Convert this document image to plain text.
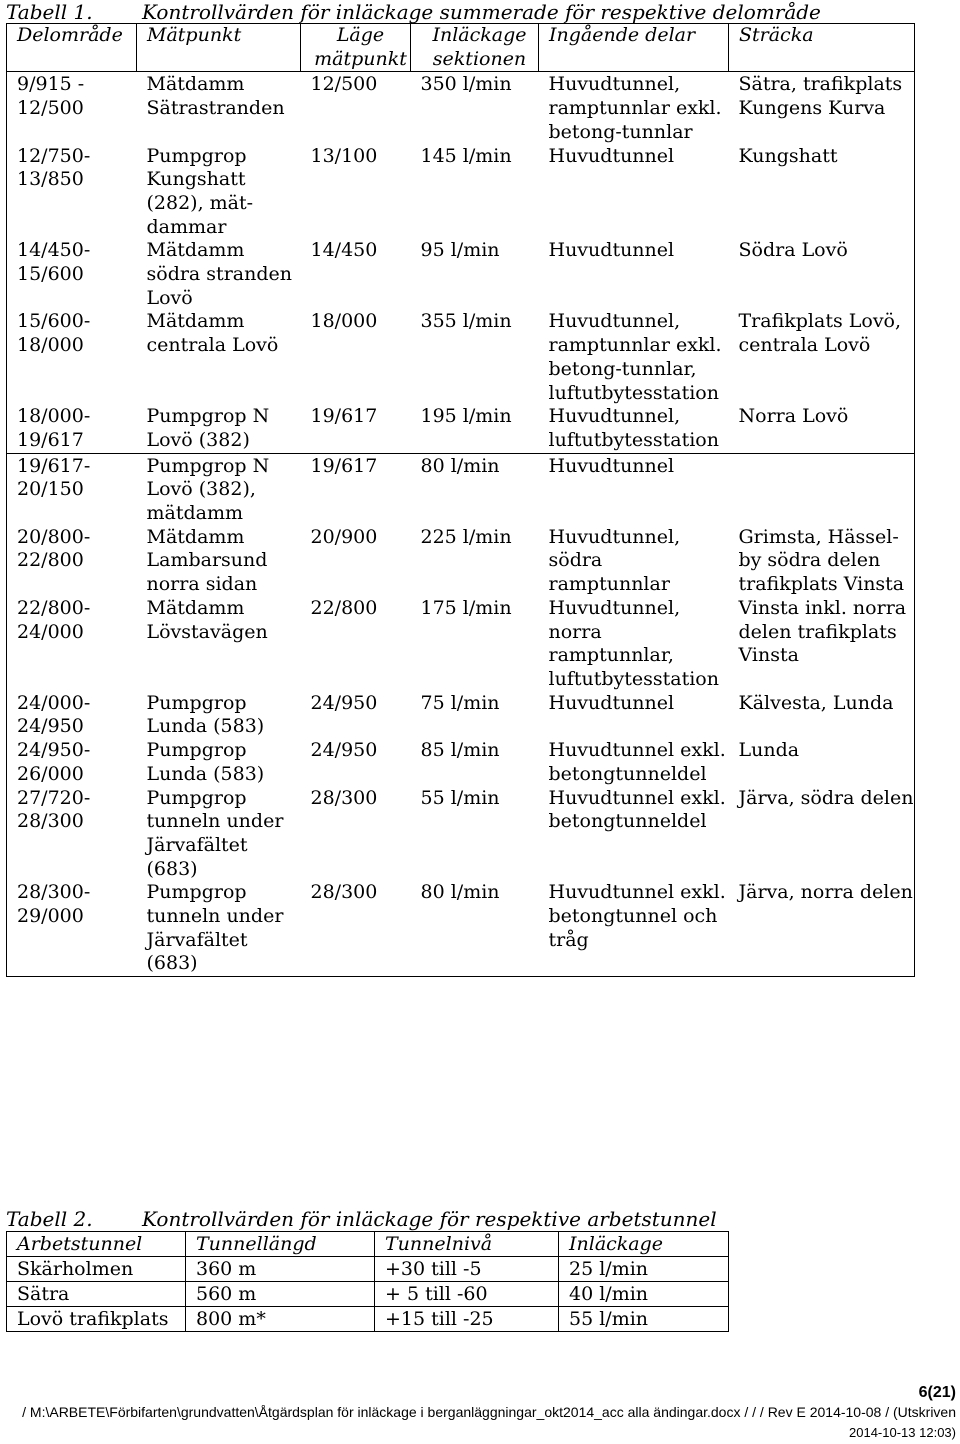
Tabell 1. Kontrollvärden för inläckage summerade för respektive delområde
Delområde	Mätpunkt	Läge mätpunkt	Inläckage sektionen	Ingående delar	Sträcka
9/915 - 12/500	Mätdamm Sätrastranden	12/500	350 l/min	Huvudtunnel, ramptunnlar exkl. betong-tunnlar	Sätra, trafikplats Kungens Kurva
12/750-13/850	Pumpgrop Kungshatt (282), mät-dammar	13/100	145 l/min	Huvudtunnel	Kungshatt
14/450-15/600	Mätdamm södra stranden Lovö	14/450	95 l/min	Huvudtunnel	Södra Lovö
15/600-18/000	Mätdamm centrala Lovö	18/000	355 l/min	Huvudtunnel, ramptunnlar exkl. betong-tunnlar, luftutbytesstation	Trafikplats Lovö, centrala Lovö
18/000-19/617	Pumpgrop N Lovö (382)	19/617	195 l/min	Huvudtunnel, luftutbytesstation	Norra Lovö
19/617-20/150	Pumpgrop N Lovö (382), mätdamm	19/617	80 l/min	Huvudtunnel	
20/800-22/800	Mätdamm Lambarsund norra sidan	20/900	225 l/min	Huvudtunnel, södra ramptunnlar	Grimsta, Hässel-by södra delen trafikplats Vinsta
22/800-24/000	Mätdamm Lövstavägen	22/800	175 l/min	Huvudtunnel, norra ramptunnlar, luftutbytesstation	Vinsta inkl. norra delen trafikplats Vinsta
24/000-24/950	Pumpgrop Lunda (583)	24/950	75 l/min	Huvudtunnel	Kälvesta, Lunda
24/950-26/000	Pumpgrop Lunda (583)	24/950	85 l/min	Huvudtunnel exkl. betongtunneldel	Lunda
27/720-28/300	Pumpgrop tunneln under Järvafältet (683)	28/300	55 l/min	Huvudtunnel exkl. betongtunneldel	Järva, södra delen
28/300-29/000	Pumpgrop tunneln under Järvafältet (683)	28/300	80 l/min	Huvudtunnel exkl. betongtunnel och tråg	Järva, norra delen
Tabell 2. Kontrollvärden för inläckage för respektive arbetstunnel
Arbetstunnel	Tunnellängd	Tunnelnivå	Inläckage
Skärholmen	360 m	+30 till -5	25 l/min
Sätra	560 m	+ 5 till -60	40 l/min
Lovö trafikplats	800 m*	+15 till -25	55 l/min
6(21)
/ M:\ARBETE\Förbifarten\grundvatten\Åtgärdsplan för inläckage i berganläggningar_okt2014_acc alla ändingar.docx / / / Rev E 2014-10-08 / (Utskriven
2014-10-13 12:03)
